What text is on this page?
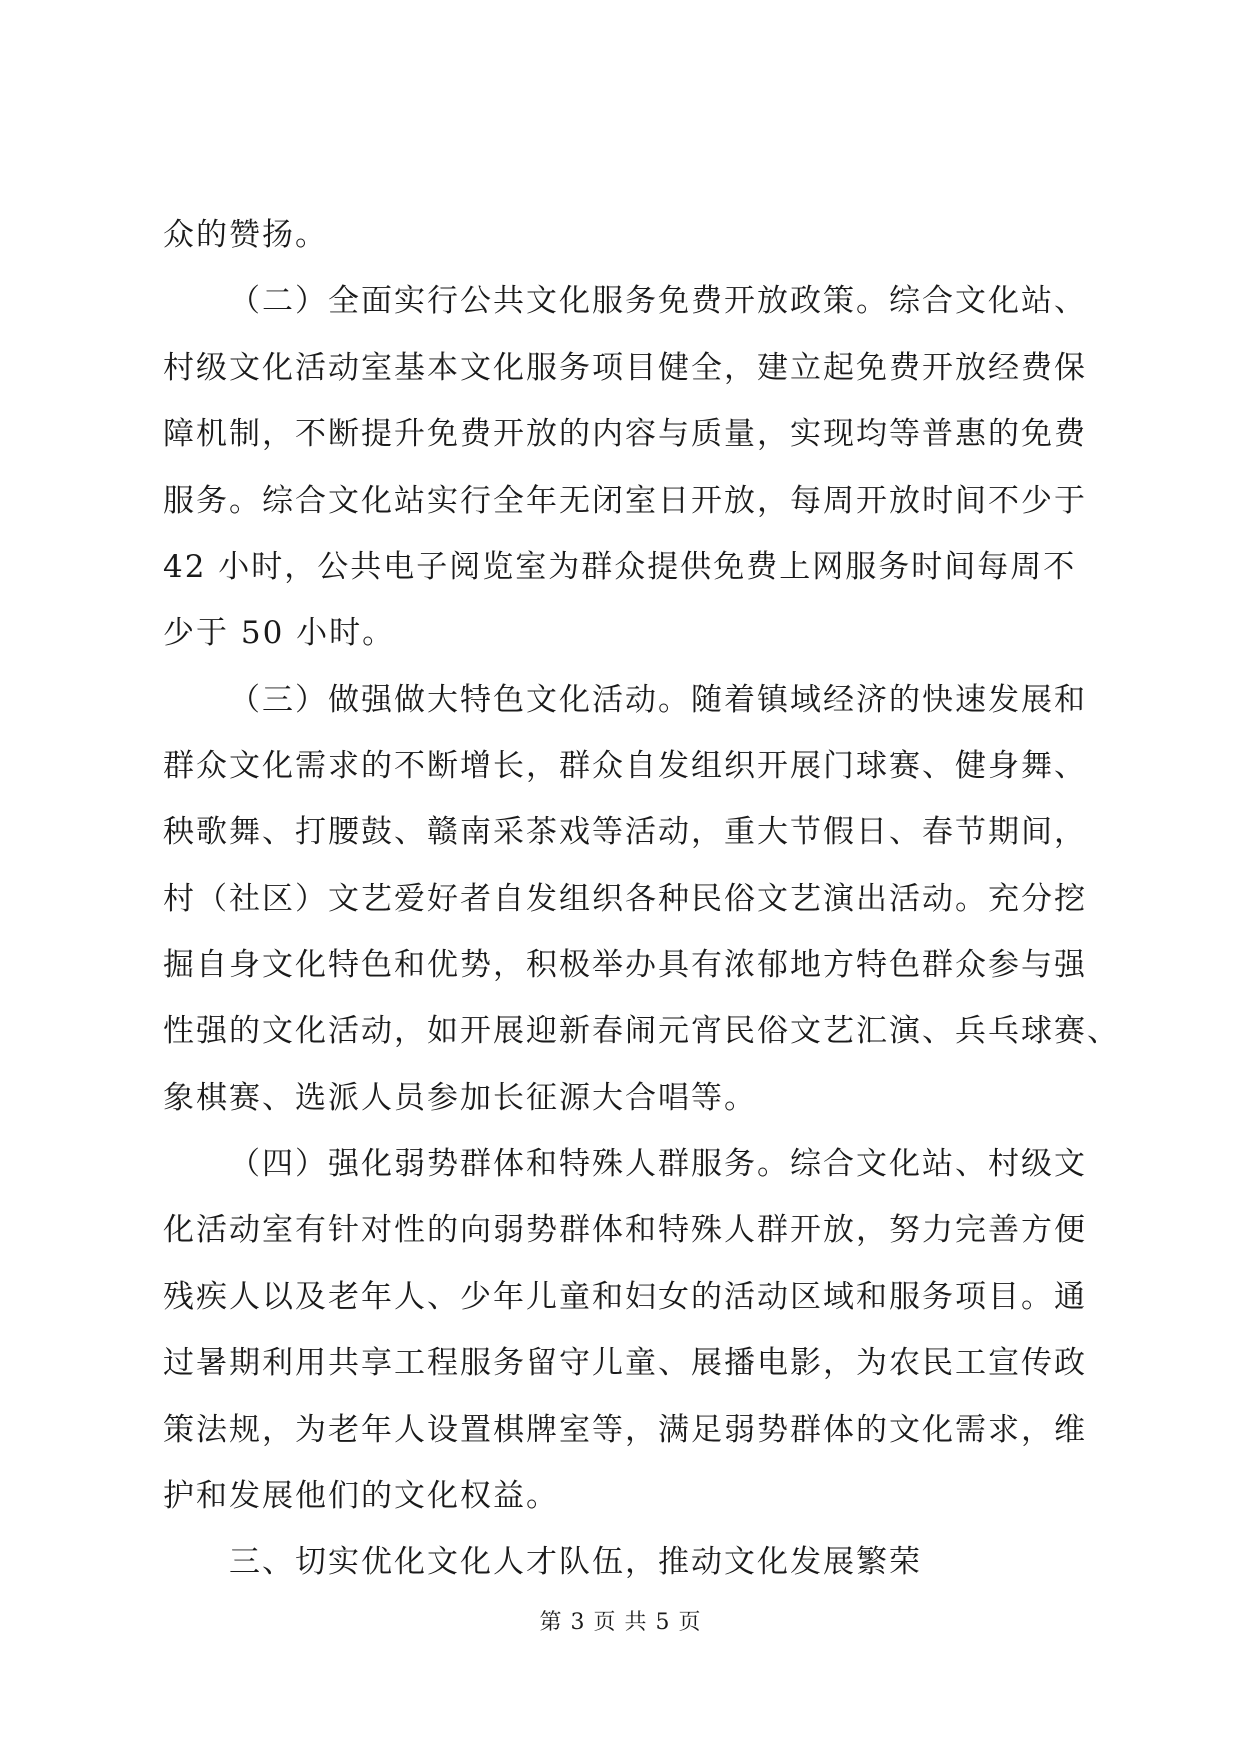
众的赞扬。
（二）全面实行公共文化服务免费开放政策。综合文化站、
村级文化活动室基本文化服务项目健全，建立起免费开放经费保
障机制，不断提升免费开放的内容与质量，实现均等普惠的免费
服务。综合文化站实行全年无闭室日开放，每周开放时间不少于
42 小时，公共电子阅览室为群众提供免费上网服务时间每周不
少于 50 小时。
（三）做强做大特色文化活动。随着镇域经济的快速发展和
群众文化需求的不断增长，群众自发组织开展门球赛、健身舞、
秧歌舞、打腰鼓、赣南采茶戏等活动，重大节假日、春节期间，
村（社区）文艺爱好者自发组织各种民俗文艺演出活动。充分挖
掘自身文化特色和优势，积极举办具有浓郁地方特色群众参与强
性强的文化活动，如开展迎新春闹元宵民俗文艺汇演、兵乓球赛、
象棋赛、选派人员参加长征源大合唱等。
（四）强化弱势群体和特殊人群服务。综合文化站、村级文
化活动室有针对性的向弱势群体和特殊人群开放，努力完善方便
残疾人以及老年人、少年儿童和妇女的活动区域和服务项目。通
过暑期利用共享工程服务留守儿童、展播电影，为农民工宣传政
策法规，为老年人设置棋牌室等，满足弱势群体的文化需求，维
护和发展他们的文化权益。
三、切实优化文化人才队伍，推动文化发展繁荣
第 3 页 共 5 页
